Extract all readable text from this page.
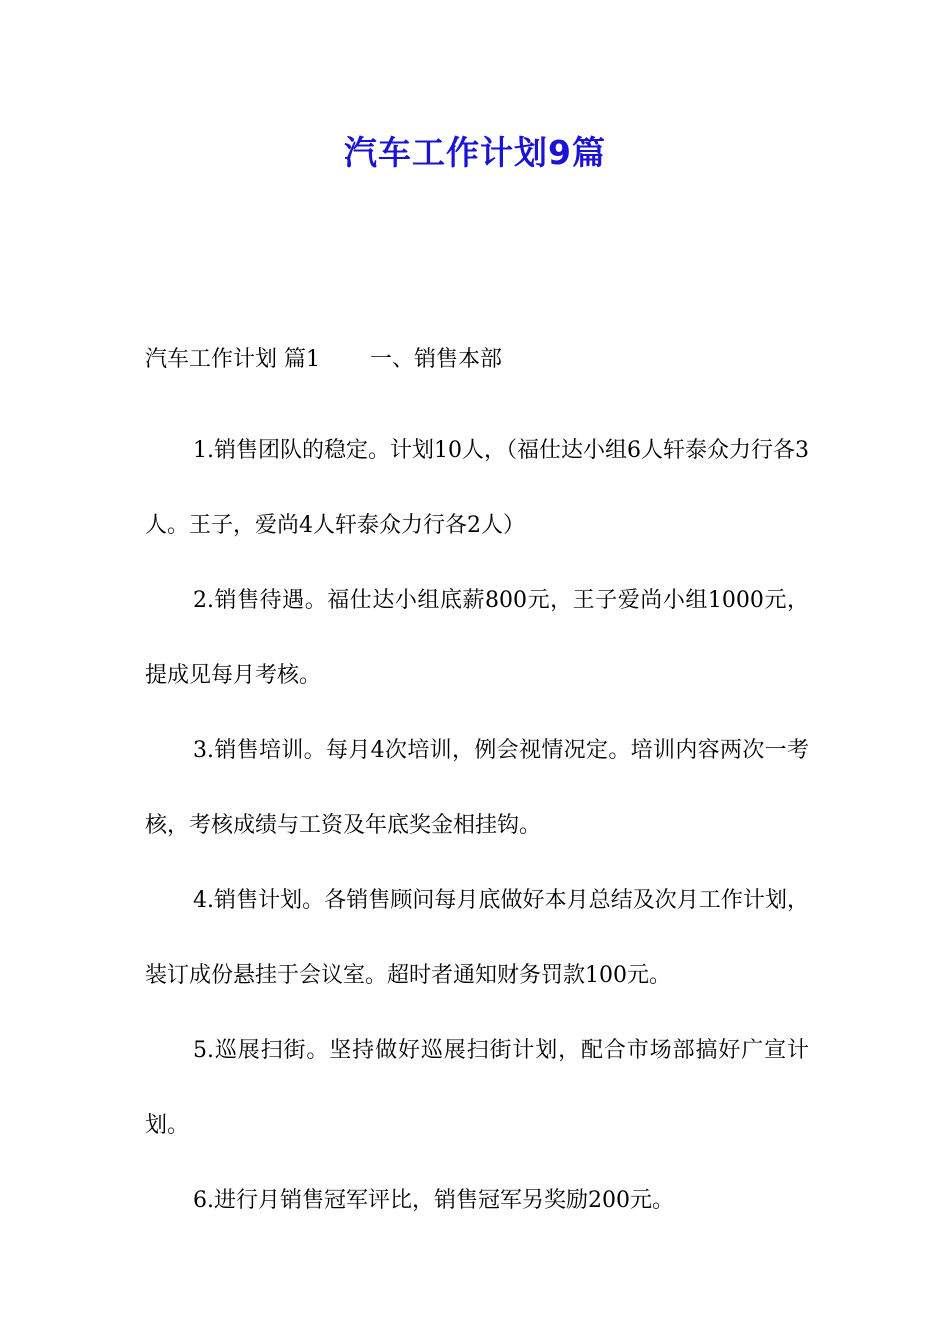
汽车工作计划9篇
汽车工作计划 篇1 一、销售本部

1.销售团队的稳定。计划10人，（福仕达小组6人轩泰众力行各3人。王子，爱尚4人轩泰众力行各2人）

2.销售待遇。福仕达小组底薪800元，王子爱尚小组1000元，提成见每月考核。

3.销售培训。每月4次培训，例会视情况定。培训内容两次一考核，考核成绩与工资及年底奖金相挂钩。

4.销售计划。各销售顾问每月底做好本月总结及次月工作计划，装订成份悬挂于会议室。超时者通知财务罚款100元。

5.巡展扫街。坚持做好巡展扫街计划，配合市场部搞好广宣计划。

6.进行月销售冠军评比，销售冠军另奖励200元。
